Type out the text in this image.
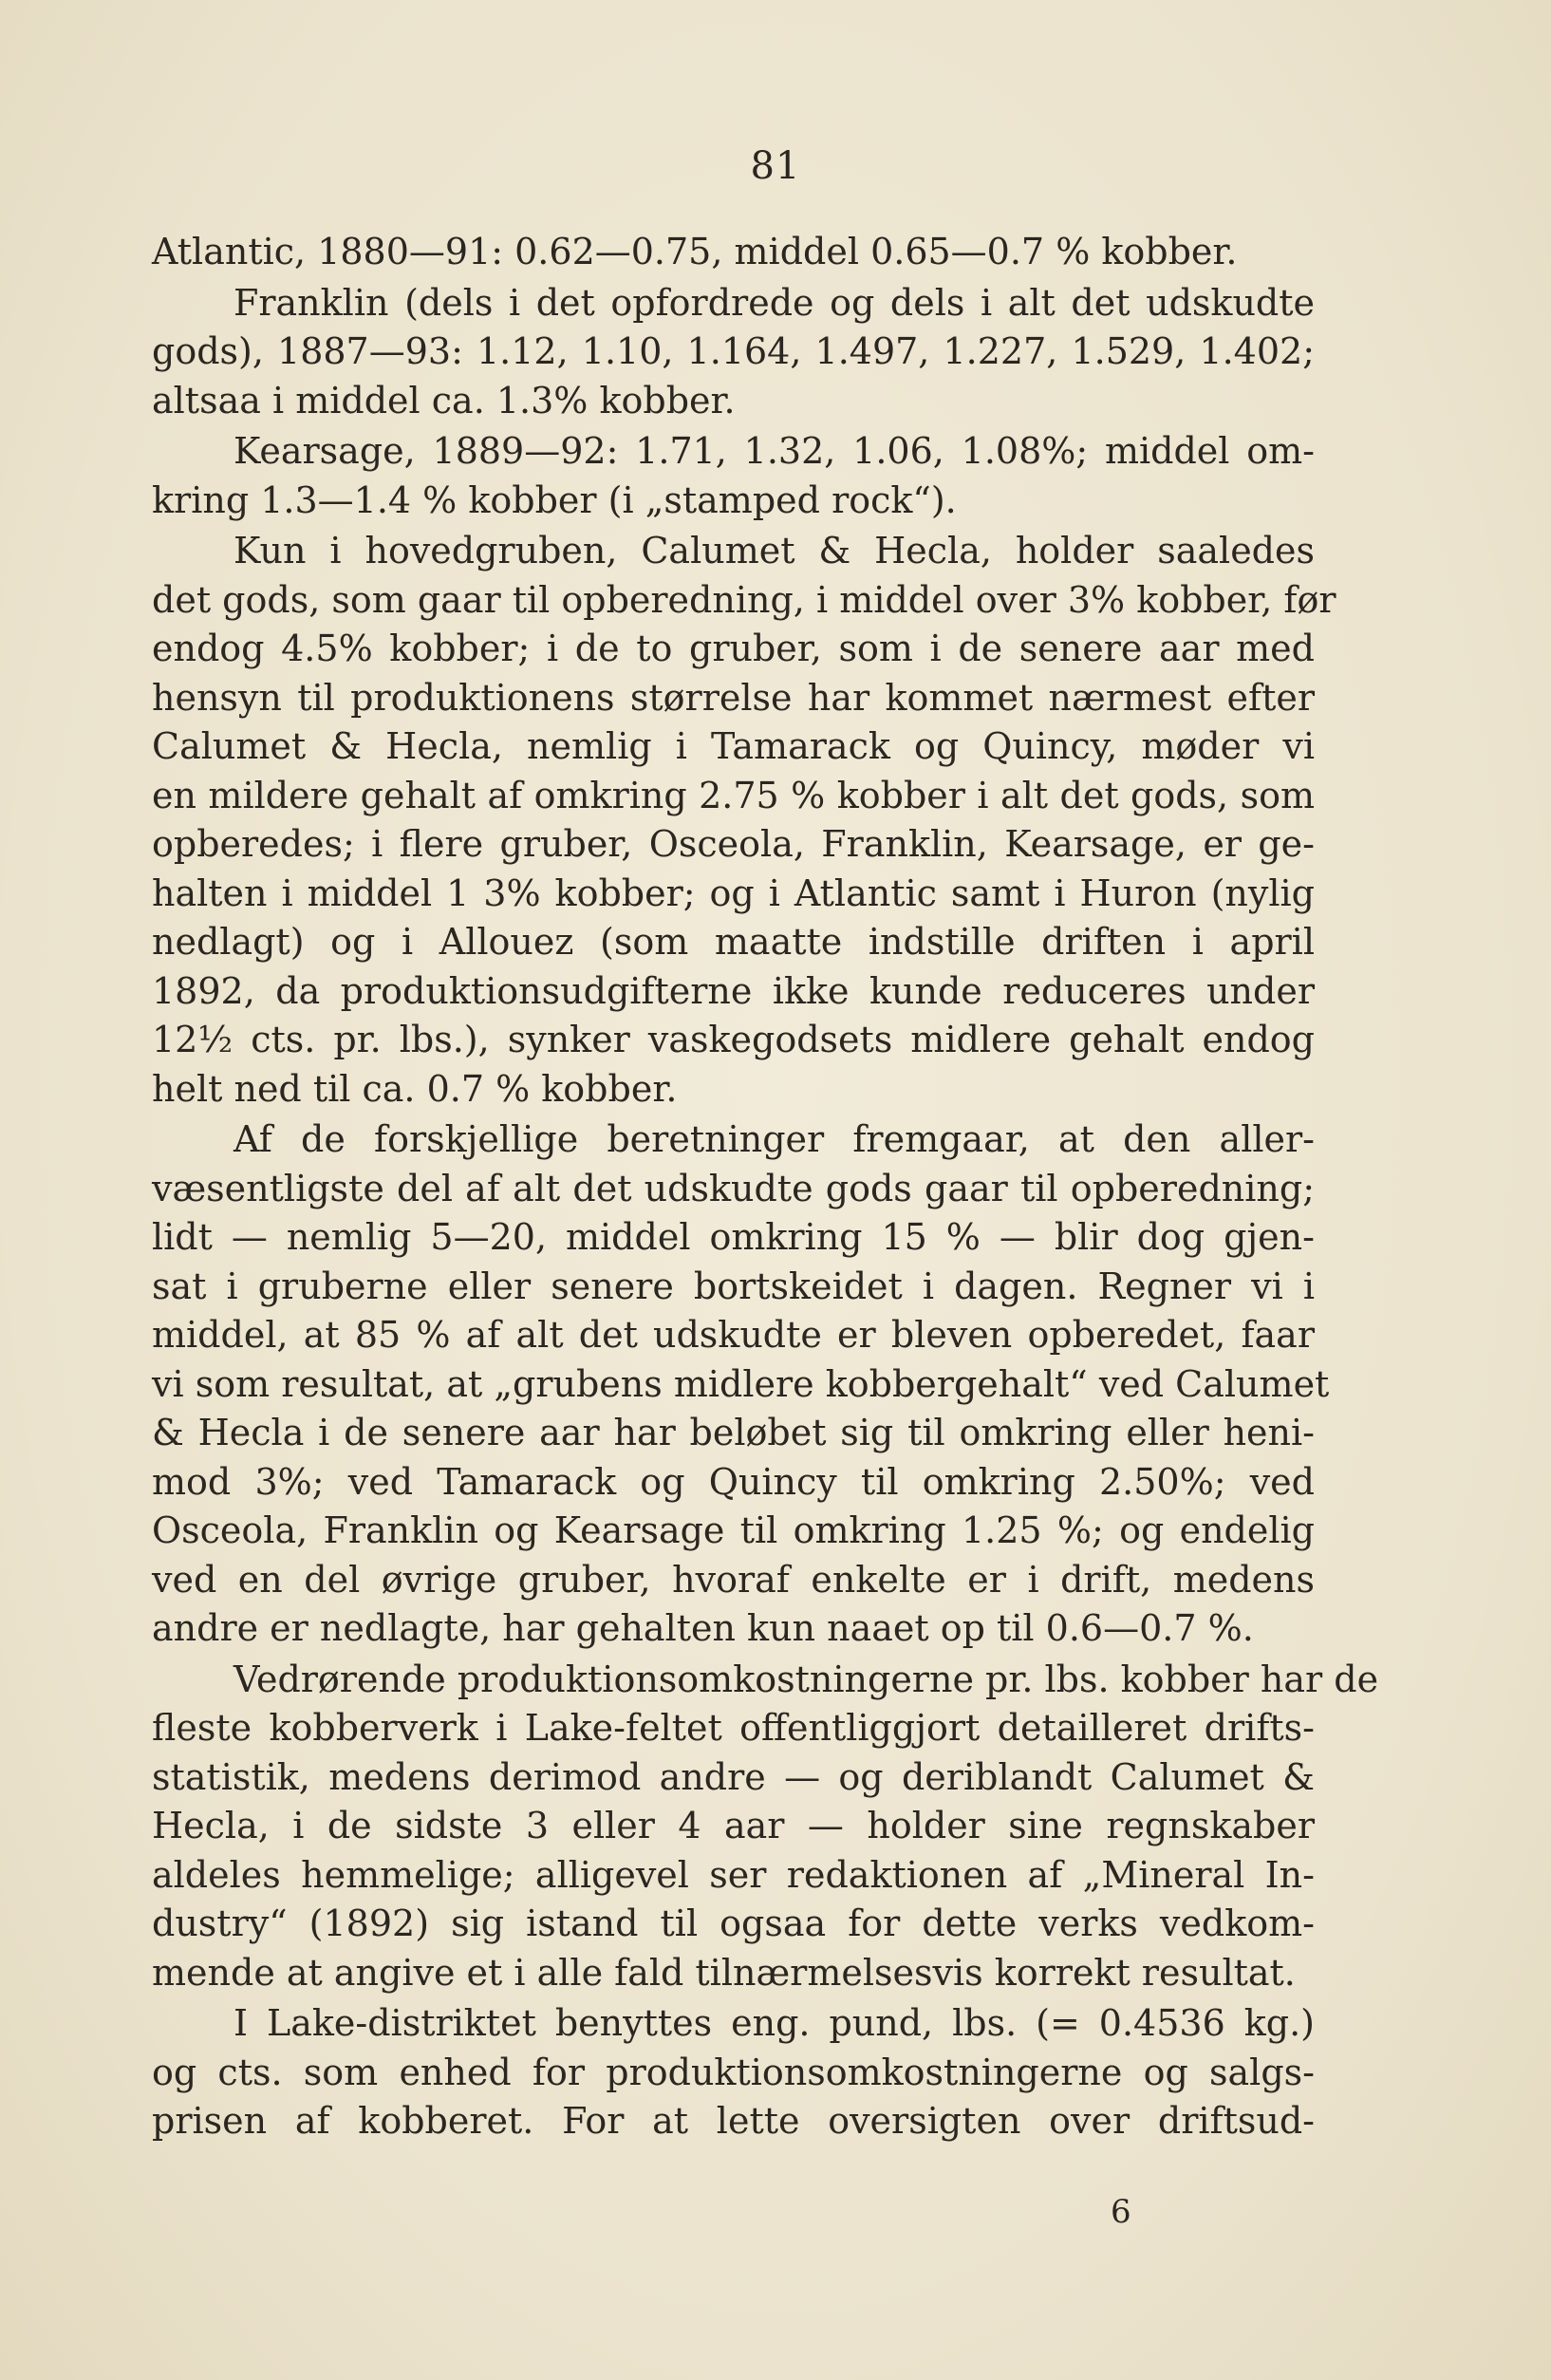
81

Atlantic, 1880—91: 0.62—0.75, middel 0.65—0.7 % kobber.

Franklin (dels i det opfordrede og dels i alt det udskudte
gods), 1887—93: 1.12, 1.10, 1.164, 1.497, 1.227, 1.529, 1.402;
altsaa i middel ca. 1.3% kobber.

Kearsage, 1889—92: 1.71, 1.32, 1.06, 1.08%; middel om-
kring 1.3—1.4 % kobber (i „stamped rock“).

Kun i hovedgruben, Calumet & Hecla, holder saaledes
det gods, som gaar til opberedning, i middel over 3% kobber, før
endog 4.5% kobber; i de to gruber, som i de senere aar med
hensyn til produktionens størrelse har kommet nærmest efter
Calumet & Hecla, nemlig i Tamarack og Quincy, møder vi
en mildere gehalt af omkring 2.75 % kobber i alt det gods, som
opberedes; i flere gruber, Osceola, Franklin, Kearsage, er ge-
halten i middel 1 3% kobber; og i Atlantic samt i Huron (nylig
nedlagt) og i Allouez (som maatte indstille driften i april
1892, da produktionsudgifterne ikke kunde reduceres under
12½ cts. pr. lbs.), synker vaskegodsets midlere gehalt endog
helt ned til ca. 0.7 % kobber.

Af de forskjellige beretninger fremgaar, at den aller-
væsentligste del af alt det udskudte gods gaar til opberedning;
lidt — nemlig 5—20, middel omkring 15 % — blir dog gjen-
sat i gruberne eller senere bortskeidet i dagen. Regner vi i
middel, at 85 % af alt det udskudte er bleven opberedet, faar
vi som resultat, at „grubens midlere kobbergehalt“ ved Calumet
& Hecla i de senere aar har beløbet sig til omkring eller heni-
mod 3%; ved Tamarack og Quincy til omkring 2.50%; ved
Osceola, Franklin og Kearsage til omkring 1.25 %; og endelig
ved en del øvrige gruber, hvoraf enkelte er i drift, medens
andre er nedlagte, har gehalten kun naaet op til 0.6—0.7 %.

Vedrørende produktionsomkostningerne pr. lbs. kobber har de
fleste kobberverk i Lake-feltet offentliggjort detailleret drifts-
statistik, medens derimod andre — og deriblandt Calumet &
Hecla, i de sidste 3 eller 4 aar — holder sine regnskaber
aldeles hemmelige; alligevel ser redaktionen af „Mineral In-
dustry“ (1892) sig istand til ogsaa for dette verks vedkom-
mende at angive et i alle fald tilnærmelsesvis korrekt resultat.

I Lake-distriktet benyttes eng. pund, lbs. (= 0.4536 kg.)
og cts. som enhed for produktionsomkostningerne og salgs-
prisen af kobberet. For at lette oversigten over driftsud-

6
